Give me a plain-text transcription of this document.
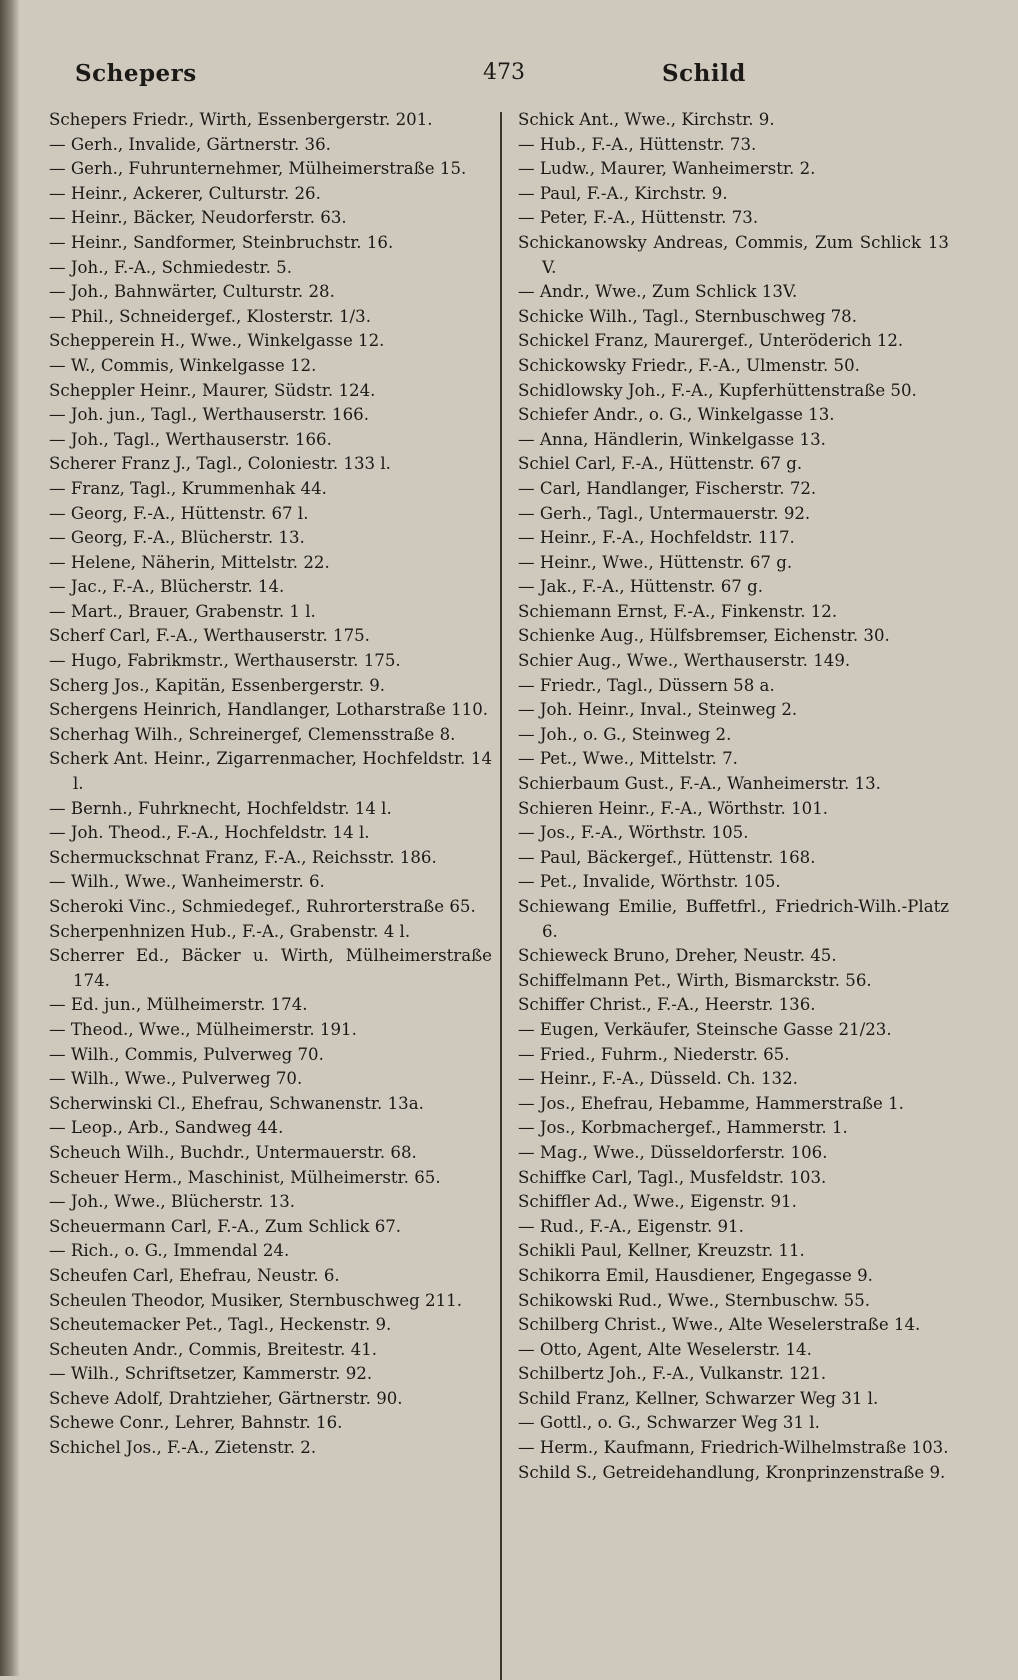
Schepers	473	Schild

Schepers Friedr., Wirth, Essenbergerstr. 201.

— Gerh., Invalide, Gärtnerstr. 36.

— Gerh., Fuhrunternehmer, Mülheimerstraße 15.

— Heinr., Ackerer, Culturstr. 26.

— Heinr., Bäcker, Neudorferstr. 63.

— Heinr., Sandformer, Steinbruchstr. 16.

— Joh., F.-A., Schmiedestr. 5.

— Joh., Bahnwärter, Culturstr. 28.

— Phil., Schneidergef., Klosterstr. 1/3.

Schepperein H., Wwe., Winkelgasse 12.

— W., Commis, Winkelgasse 12.

Scheppler Heinr., Maurer, Südstr. 124.

— Joh. jun., Tagl., Werthauserstr. 166.

— Joh., Tagl., Werthauserstr. 166.

Scherer Franz J., Tagl., Coloniestr. 133 l.

— Franz, Tagl., Krummenhak 44.

— Georg, F.-A., Hüttenstr. 67 l.

— Georg, F.-A., Blücherstr. 13.

— Helene, Näherin, Mittelstr. 22.

— Jac., F.-A., Blücherstr. 14.

— Mart., Brauer, Grabenstr. 1 l.

Scherf Carl, F.-A., Werthauserstr. 175.

— Hugo, Fabrikmstr., Werthauserstr. 175.

Scherg Jos., Kapitän, Essenbergerstr. 9.

Schergens Heinrich, Handlanger, Lotharstraße 110.

Scherhag Wilh., Schreinergef, Clemensstraße 8.

Scherk Ant. Heinr., Zigarrenmacher, Hochfeldstr. 14 l.

— Bernh., Fuhrknecht, Hochfeldstr. 14 l.

— Joh. Theod., F.-A., Hochfeldstr. 14 l.

Schermuckschnat Franz, F.-A., Reichsstr. 186.

— Wilh., Wwe., Wanheimerstr. 6.

Scheroki Vinc., Schmiedegef., Ruhrorterstraße 65.

Scherpenhnizen Hub., F.-A., Grabenstr. 4 l.

Scherrer Ed., Bäcker u. Wirth, Mülheimerstraße 174.

— Ed. jun., Mülheimerstr. 174.

— Theod., Wwe., Mülheimerstr. 191.

— Wilh., Commis, Pulverweg 70.

— Wilh., Wwe., Pulverweg 70.

Scherwinski Cl., Ehefrau, Schwanenstr. 13a.

— Leop., Arb., Sandweg 44.

Scheuch Wilh., Buchdr., Untermauerstr. 68.

Scheuer Herm., Maschinist, Mülheimerstr. 65.

— Joh., Wwe., Blücherstr. 13.

Scheuermann Carl, F.-A., Zum Schlick 67.

— Rich., o. G., Immendal 24.

Scheufen Carl, Ehefrau, Neustr. 6.

Scheulen Theodor, Musiker, Sternbuschweg 211.

Scheutemacker Pet., Tagl., Heckenstr. 9.

Scheuten Andr., Commis, Breitestr. 41.

— Wilh., Schriftsetzer, Kammerstr. 92.

Scheve Adolf, Drahtzieher, Gärtnerstr. 90.

Schewe Conr., Lehrer, Bahnstr. 16.

Schichel Jos., F.-A., Zietenstr. 2.

Schick Ant., Wwe., Kirchstr. 9.

— Hub., F.-A., Hüttenstr. 73.

— Ludw., Maurer, Wanheimerstr. 2.

— Paul, F.-A., Kirchstr. 9.

— Peter, F.-A., Hüttenstr. 73.

Schickanowsky Andreas, Commis, Zum Schlick 13 V.

— Andr., Wwe., Zum Schlick 13V.

Schicke Wilh., Tagl., Sternbuschweg 78.

Schickel Franz, Maurergef., Unteröderich 12.

Schickowsky Friedr., F.-A., Ulmenstr. 50.

Schidlowsky Joh., F.-A., Kupferhüttenstraße 50.

Schiefer Andr., o. G., Winkelgasse 13.

— Anna, Händlerin, Winkelgasse 13.

Schiel Carl, F.-A., Hüttenstr. 67 g.

— Carl, Handlanger, Fischerstr. 72.

— Gerh., Tagl., Untermauerstr. 92.

— Heinr., F.-A., Hochfeldstr. 117.

— Heinr., Wwe., Hüttenstr. 67 g.

— Jak., F.-A., Hüttenstr. 67 g.

Schiemann Ernst, F.-A., Finkenstr. 12.

Schienke Aug., Hülfsbremser, Eichenstr. 30.

Schier Aug., Wwe., Werthauserstr. 149.

— Friedr., Tagl., Düssern 58 a.

— Joh. Heinr., Inval., Steinweg 2.

— Joh., o. G., Steinweg 2.

— Pet., Wwe., Mittelstr. 7.

Schierbaum Gust., F.-A., Wanheimerstr. 13.

Schieren Heinr., F.-A., Wörthstr. 101.

— Jos., F.-A., Wörthstr. 105.

— Paul, Bäckergef., Hüttenstr. 168.

— Pet., Invalide, Wörthstr. 105.

Schiewang Emilie, Buffetfrl., Friedrich-Wilh.-Platz 6.

Schieweck Bruno, Dreher, Neustr. 45.

Schiffelmann Pet., Wirth, Bismarckstr. 56.

Schiffer Christ., F.-A., Heerstr. 136.

— Eugen, Verkäufer, Steinsche Gasse 21/23.

— Fried., Fuhrm., Niederstr. 65.

— Heinr., F.-A., Düsseld. Ch. 132.

— Jos., Ehefrau, Hebamme, Hammerstraße 1.

— Jos., Korbmachergef., Hammerstr. 1.

— Mag., Wwe., Düsseldorferstr. 106.

Schiffke Carl, Tagl., Musfeldstr. 103.

Schiffler Ad., Wwe., Eigenstr. 91.

— Rud., F.-A., Eigenstr. 91.

Schikli Paul, Kellner, Kreuzstr. 11.

Schikorra Emil, Hausdiener, Engegasse 9.

Schikowski Rud., Wwe., Sternbuschw. 55.

Schilberg Christ., Wwe., Alte Weselerstraße 14.

— Otto, Agent, Alte Weselerstr. 14.

Schilbertz Joh., F.-A., Vulkanstr. 121.

Schild Franz, Kellner, Schwarzer Weg 31 l.

— Gottl., o. G., Schwarzer Weg 31 l.

— Herm., Kaufmann, Friedrich-Wilhelmstraße 103.

Schild S., Getreidehandlung, Kronprinzenstraße 9.
